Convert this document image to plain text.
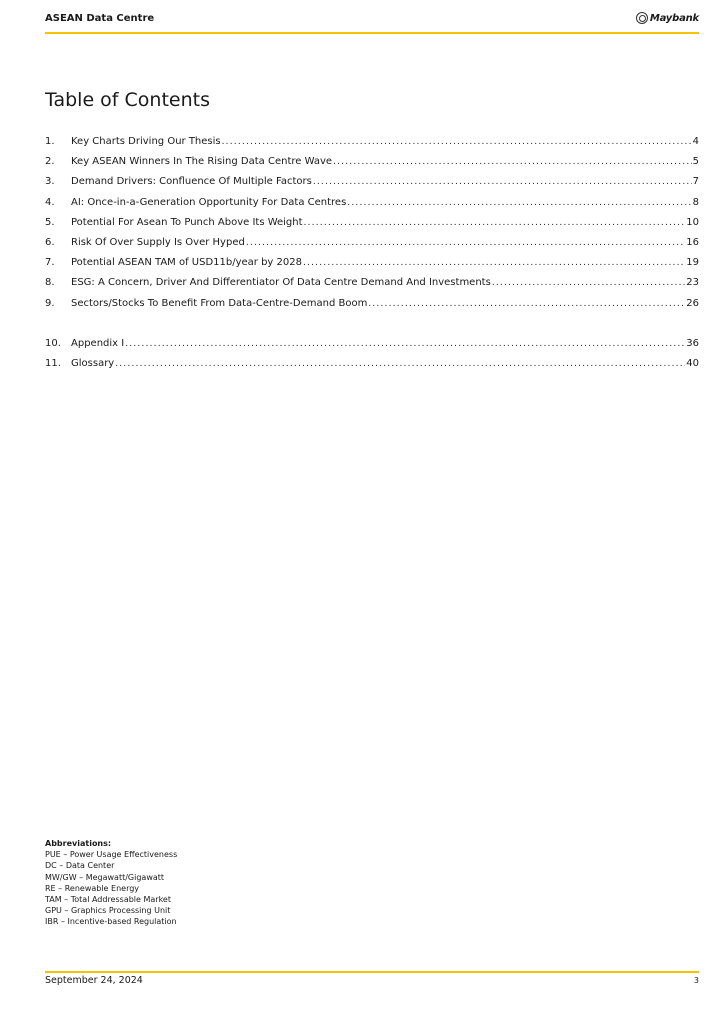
ASEAN Data Centre	Maybank
Table of Contents
1.	Key Charts Driving Our Thesis .....	4
2.	Key ASEAN Winners In The Rising Data Centre Wave .....	5
3.	Demand Drivers: Confluence Of Multiple Factors .....	7
4.	AI: Once-in-a-Generation Opportunity For Data Centres .....	8
5.	Potential For Asean To Punch Above Its Weight .....	10
6.	Risk Of Over Supply Is Over Hyped .....	16
7.	Potential ASEAN TAM of USD11b/year by 2028 .....	19
8.	ESG: A Concern, Driver And Differentiator Of Data Centre Demand And Investments .....	23
9.	Sectors/Stocks To Benefit From Data-Centre-Demand Boom .....	26
10.	Appendix I .....	36
11.	Glossary .....	40
Abbreviations:
PUE – Power Usage Effectiveness
DC – Data Center
MW/GW – Megawatt/Gigawatt
RE – Renewable Energy
TAM – Total Addressable Market
GPU – Graphics Processing Unit
IBR – Incentive-based Regulation
September 24, 2024	3
